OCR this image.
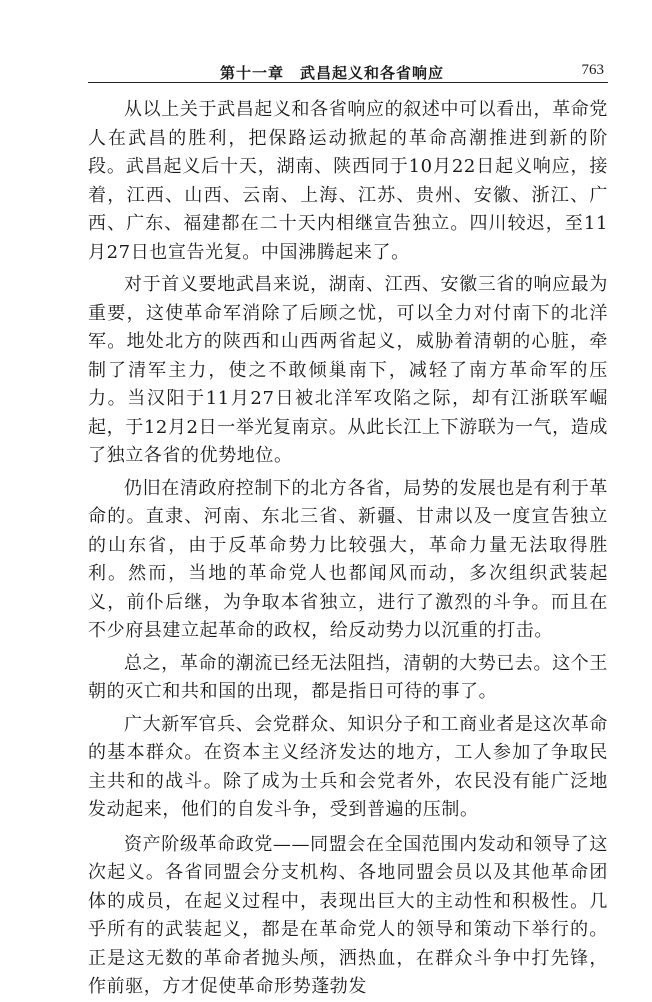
第十一章　武昌起义和各省响应	763

从以上关于武昌起义和各省响应的叙述中可以看出，革命党人在武昌的胜利，把保路运动掀起的革命高潮推进到新的阶段。武昌起义后十天，湖南、陕西同于10月22日起义响应，接着，江西、山西、云南、上海、江苏、贵州、安徽、浙江、广西、广东、福建都在二十天内相继宣告独立。四川较迟，至11月27日也宣告光复。中国沸腾起来了。

对于首义要地武昌来说，湖南、江西、安徽三省的响应最为重要，这使革命军消除了后顾之忧，可以全力对付南下的北洋军。地处北方的陕西和山西两省起义，威胁着清朝的心脏，牵制了清军主力，使之不敢倾巢南下，减轻了南方革命军的压力。当汉阳于11月27日被北洋军攻陷之际，却有江浙联军崛起，于12月2日一举光复南京。从此长江上下游联为一气，造成了独立各省的优势地位。

仍旧在清政府控制下的北方各省，局势的发展也是有利于革命的。直隶、河南、东北三省、新疆、甘肃以及一度宣告独立的山东省，由于反革命势力比较强大，革命力量无法取得胜利。然而，当地的革命党人也都闻风而动，多次组织武装起义，前仆后继，为争取本省独立，进行了激烈的斗争。而且在不少府县建立起革命的政权，给反动势力以沉重的打击。

总之，革命的潮流已经无法阻挡，清朝的大势已去。这个王朝的灭亡和共和国的出现，都是指日可待的事了。

广大新军官兵、会党群众、知识分子和工商业者是这次革命的基本群众。在资本主义经济发达的地方，工人参加了争取民主共和的战斗。除了成为士兵和会党者外，农民没有能广泛地发动起来，他们的自发斗争，受到普遍的压制。

资产阶级革命政党——同盟会在全国范围内发动和领导了这次起义。各省同盟会分支机构、各地同盟会员以及其他革命团体的成员，在起义过程中，表现出巨大的主动性和积极性。几乎所有的武装起义，都是在革命党人的领导和策动下举行的。正是这无数的革命者抛头颅，洒热血，在群众斗争中打先锋，作前驱，方才促使革命形势蓬勃发
